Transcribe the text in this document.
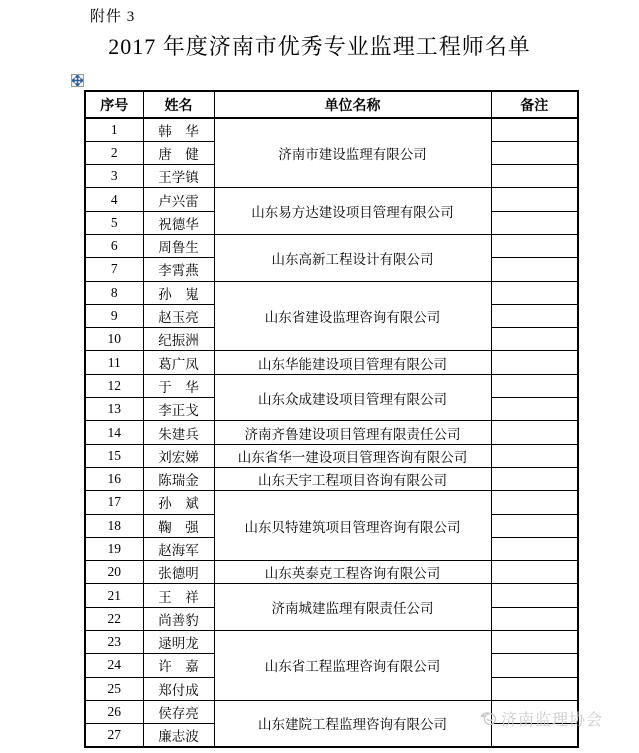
附件 3
2017 年度济南市优秀专业监理工程师名单
序号	姓名	单位名称	备注
1	韩　华	济南市建设监理有限公司	
2	唐　健		
3	王学镇		
4	卢兴雷	山东易方达建设项目管理有限公司	
5	祝德华		
6	周鲁生	山东高新工程设计有限公司	
7	李霄燕		
8	孙　嵬	山东省建设监理咨询有限公司	
9	赵玉亮		
10	纪振洲		
11	葛广凤	山东华能建设项目管理有限公司	
12	于　华	山东众成建设项目管理有限公司	
13	李正戈		
14	朱建兵	济南齐鲁建设项目管理有限责任公司	
15	刘宏娣	山东省华一建设项目管理咨询有限公司	
16	陈瑞金	山东天宇工程项目咨询有限公司	
17	孙　斌	山东贝特建筑项目管理咨询有限公司	
18	鞠　强		
19	赵海军		
20	张德明	山东英泰克工程咨询有限公司	
21	王　祥	济南城建监理有限责任公司	
22	尚善豹		
23	逯明龙	山东省工程监理咨询有限公司	
24	许　嘉		
25	郑付成		
26	侯存亮	山东建院工程监理咨询有限公司	
27	廉志波		
济南监理协会
